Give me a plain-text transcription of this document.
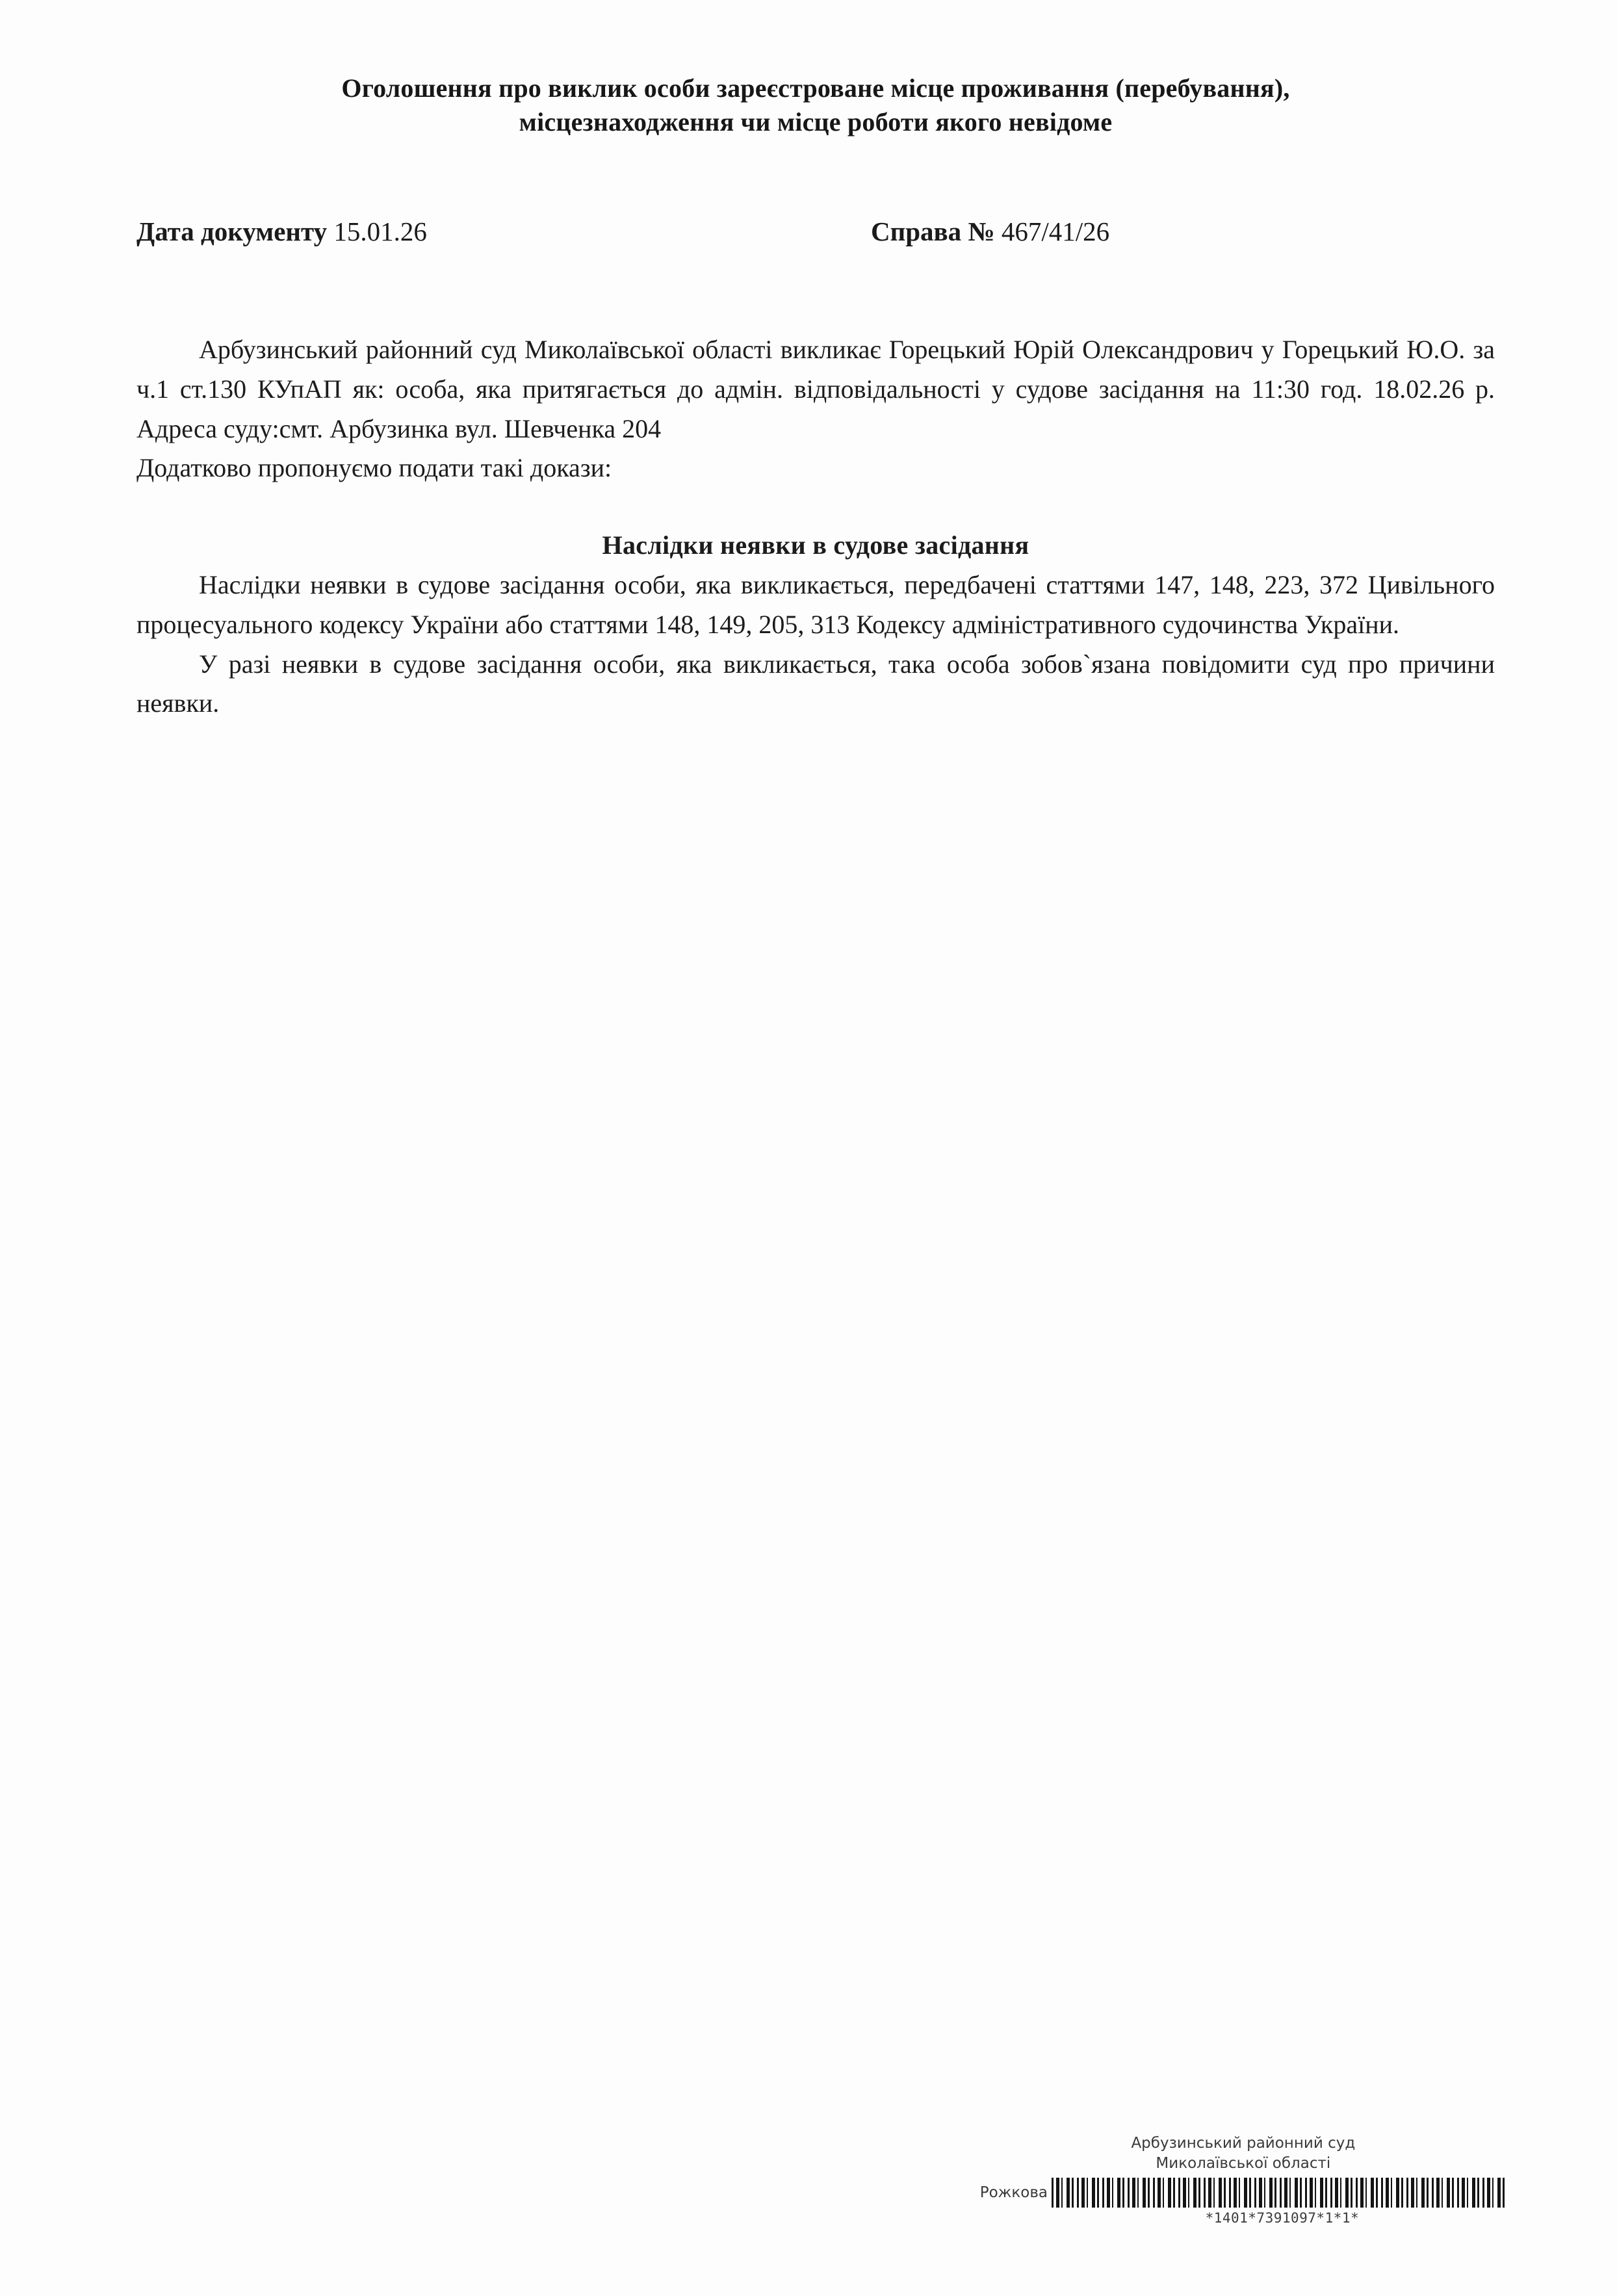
Оголошення про виклик особи зареєстроване місце проживання (перебування),
місцезнаходження чи місце роботи якого невідоме
Дата документу 15.01.26	Справа № 467/41/26

Арбузинський районний суд Миколаївської області викликає Горецький Юрій Олександрович у Горецький Ю.О. за ч.1 ст.130 КУпАП як: особа, яка притягається до адмін. відповідальності у судове засідання на 11:30 год. 18.02.26 р. Адреса суду:смт. Арбузинка вул. Шевченка 204

Додатково пропонуємо подати такі докази:

Наслідки неявки в судове засідання

Наслідки неявки в судове засідання особи, яка викликається, передбачені статтями 147, 148, 223, 372 Цивільного процесуального кодексу України або статтями 148, 149, 205, 313 Кодексу адміністративного судочинства України.

У разі неявки в судове засідання особи, яка викликається, така особа зобов`язана повідомити суд про причини неявки.

Арбузинський районний суд
Миколаївської області
Рожкова
*1401*7391097*1*1*
